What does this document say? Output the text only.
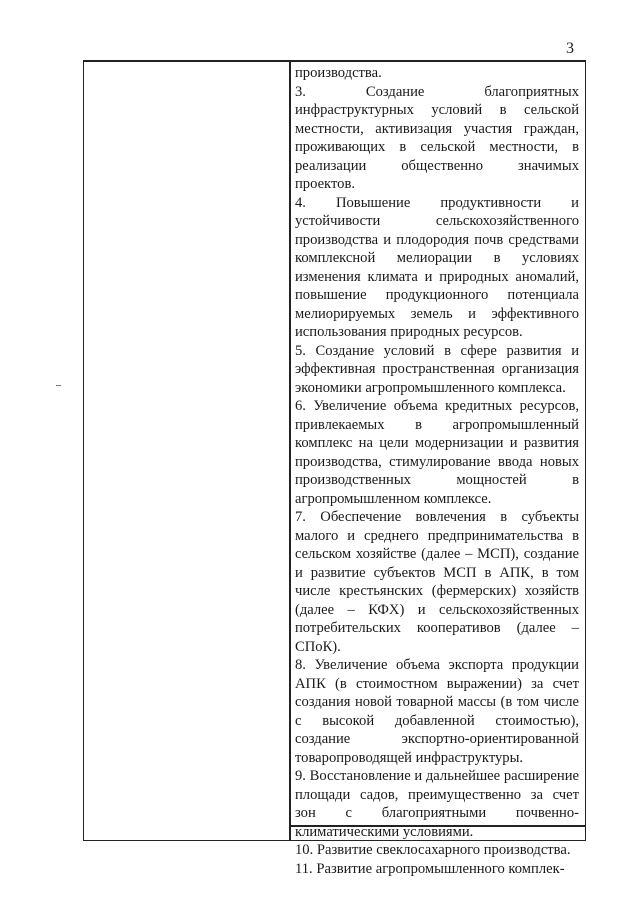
3

производства.

3. Создание благоприятных инфраструктурных условий в сельской местности, активизация участия граждан, проживающих в сельской местности, в реализации общественно значимых проектов.

4. Повышение продуктивности и устойчивости сельскохозяйственного производства и плодородия почв средствами комплексной мелиорации в условиях изменения климата и природных аномалий, повышение продукционного потенциала мелиорируемых земель и эффективного использования природных ресурсов.

5. Создание условий в сфере развития и эффективная пространственная организация экономики агропромышленного комплекса.

6. Увеличение объема кредитных ресурсов, привлекаемых в агропромышленный комплекс на цели модернизации и развития производства, стимулирование ввода новых производственных мощностей в агропромышленном комплексе.

7. Обеспечение вовлечения в субъекты малого и среднего предпринимательства в сельском хозяйстве (далее – МСП), создание и развитие субъектов МСП в АПК, в том числе крестьянских (фермерских) хозяйств (далее – КФХ) и сельскохозяйственных потребительских кооперативов (далее – СПоК).

8. Увеличение объема экспорта продукции АПК (в стоимостном выражении) за счет создания новой товарной массы (в том числе с высокой добавленной стоимостью), создание экспортно-ориентированной товаропроводящей инфраструктуры.

9. Восстановление и дальнейшее расширение площади садов, преимущественно за счет зон с благоприятными почвенно-климатическими условиями.

10. Развитие свеклосахарного производства.

11. Развитие агропромышленного комплек-
